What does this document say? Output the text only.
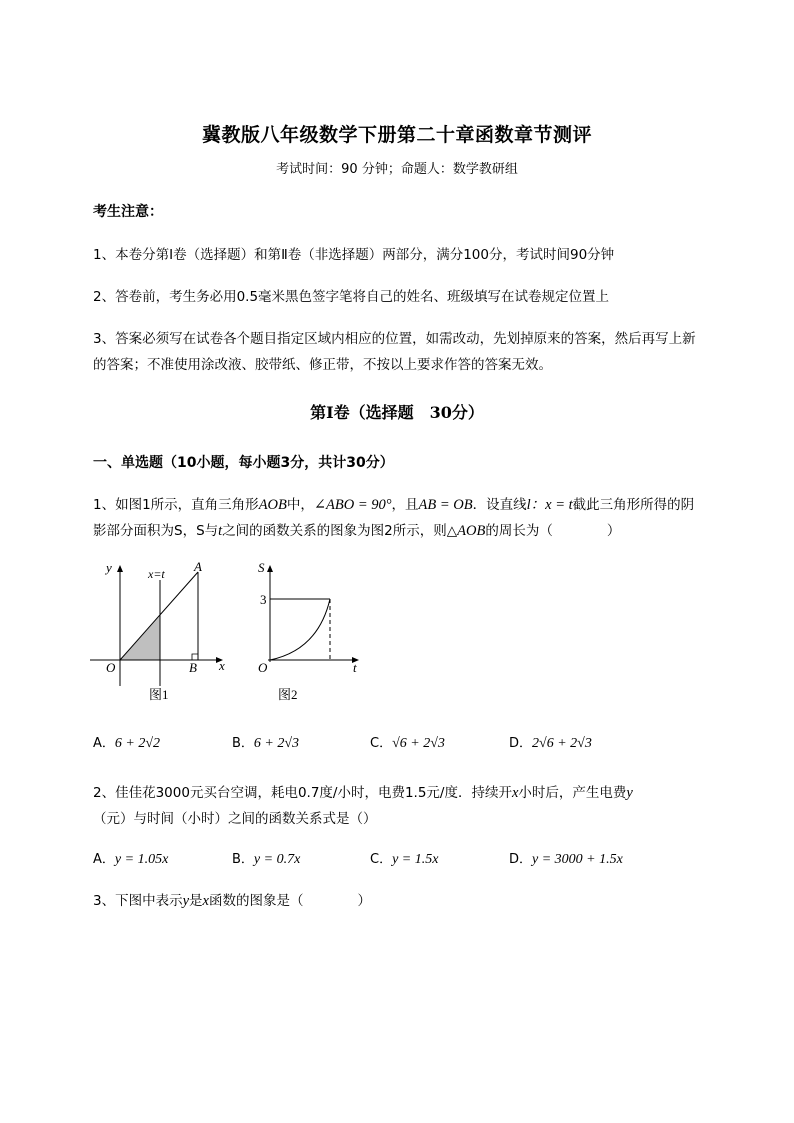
冀教版八年级数学下册第二十章函数章节测评
考试时间：90 分钟；命题人：数学教研组
考生注意：
1、本卷分第Ⅰ卷（选择题）和第Ⅱ卷（非选择题）两部分，满分100分，考试时间90分钟
2、答卷前，考生务必用0.5毫米黑色签字笔将自己的姓名、班级填写在试卷规定位置上
3、答案必须写在试卷各个题目指定区域内相应的位置，如需改动，先划掉原来的答案，然后再写上新
的答案；不准使用涂改液、胶带纸、修正带，不按以上要求作答的答案无效。
第Ⅰ卷（选择题　30分）
一、单选题（10小题，每小题3分，共计30分）
1、如图1所示，直角三角形AOB中，∠ABO = 90°，且AB = OB．设直线l：x = t截此三角形所得的阴
影部分面积为S，S与t之间的函数关系的图象为图2所示，则△AOB的周长为（　　　　）
y	x=t A
O	B x
图1
S
3
O	t
图2
A．6 + 2√2	B．6 + 2√3	C．√6 + 2√3	D．2√6 + 2√3
2、佳佳花3000元买台空调，耗电0.7度/小时，电费1.5元/度．持续开x小时后，产生电费y
（元）与时间（小时）之间的函数关系式是（）
A．y = 1.05x	B．y = 0.7x	C．y = 1.5x	D．y = 3000 + 1.5x
3、下图中表示y是x函数的图象是（　　　　）
